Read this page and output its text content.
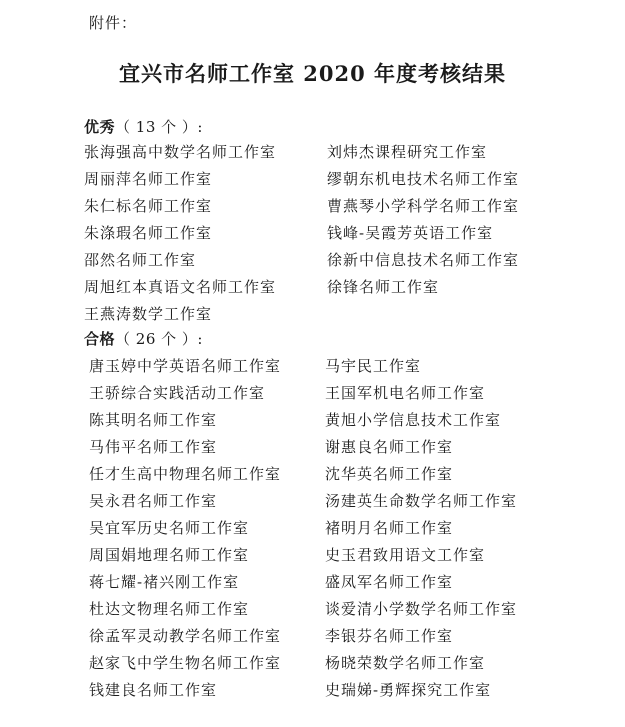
附件：
宜兴市名师工作室 2020 年度考核结果
优秀（ 13 个 ）:
张海强高中数学名师工作室
周丽萍名师工作室
朱仁标名师工作室
朱涤瑕名师工作室
邵然名师工作室
周旭红本真语文名师工作室
王燕涛数学工作室
刘炜杰课程研究工作室
缪朝东机电技术名师工作室
曹燕琴小学科学名师工作室
钱峰-吴霞芳英语工作室
徐新中信息技术名师工作室
徐锋名师工作室
合格（ 26 个 ）:
唐玉婷中学英语名师工作室
王骄综合实践活动工作室
陈其明名师工作室
马伟平名师工作室
任才生高中物理名师工作室
吴永君名师工作室
吴宜军历史名师工作室
周国娟地理名师工作室
蒋七耀-褚兴刚工作室
杜达文物理名师工作室
徐孟军灵动教学名师工作室
赵家飞中学生物名师工作室
钱建良名师工作室
马宇民工作室
王国军机电名师工作室
黄旭小学信息技术工作室
谢惠良名师工作室
沈华英名师工作室
汤建英生命数学名师工作室
褚明月名师工作室
史玉君致用语文工作室
盛凤军名师工作室
谈爱清小学数学名师工作室
李银芬名师工作室
杨晓荣数学名师工作室
史瑞娣-勇辉探究工作室
